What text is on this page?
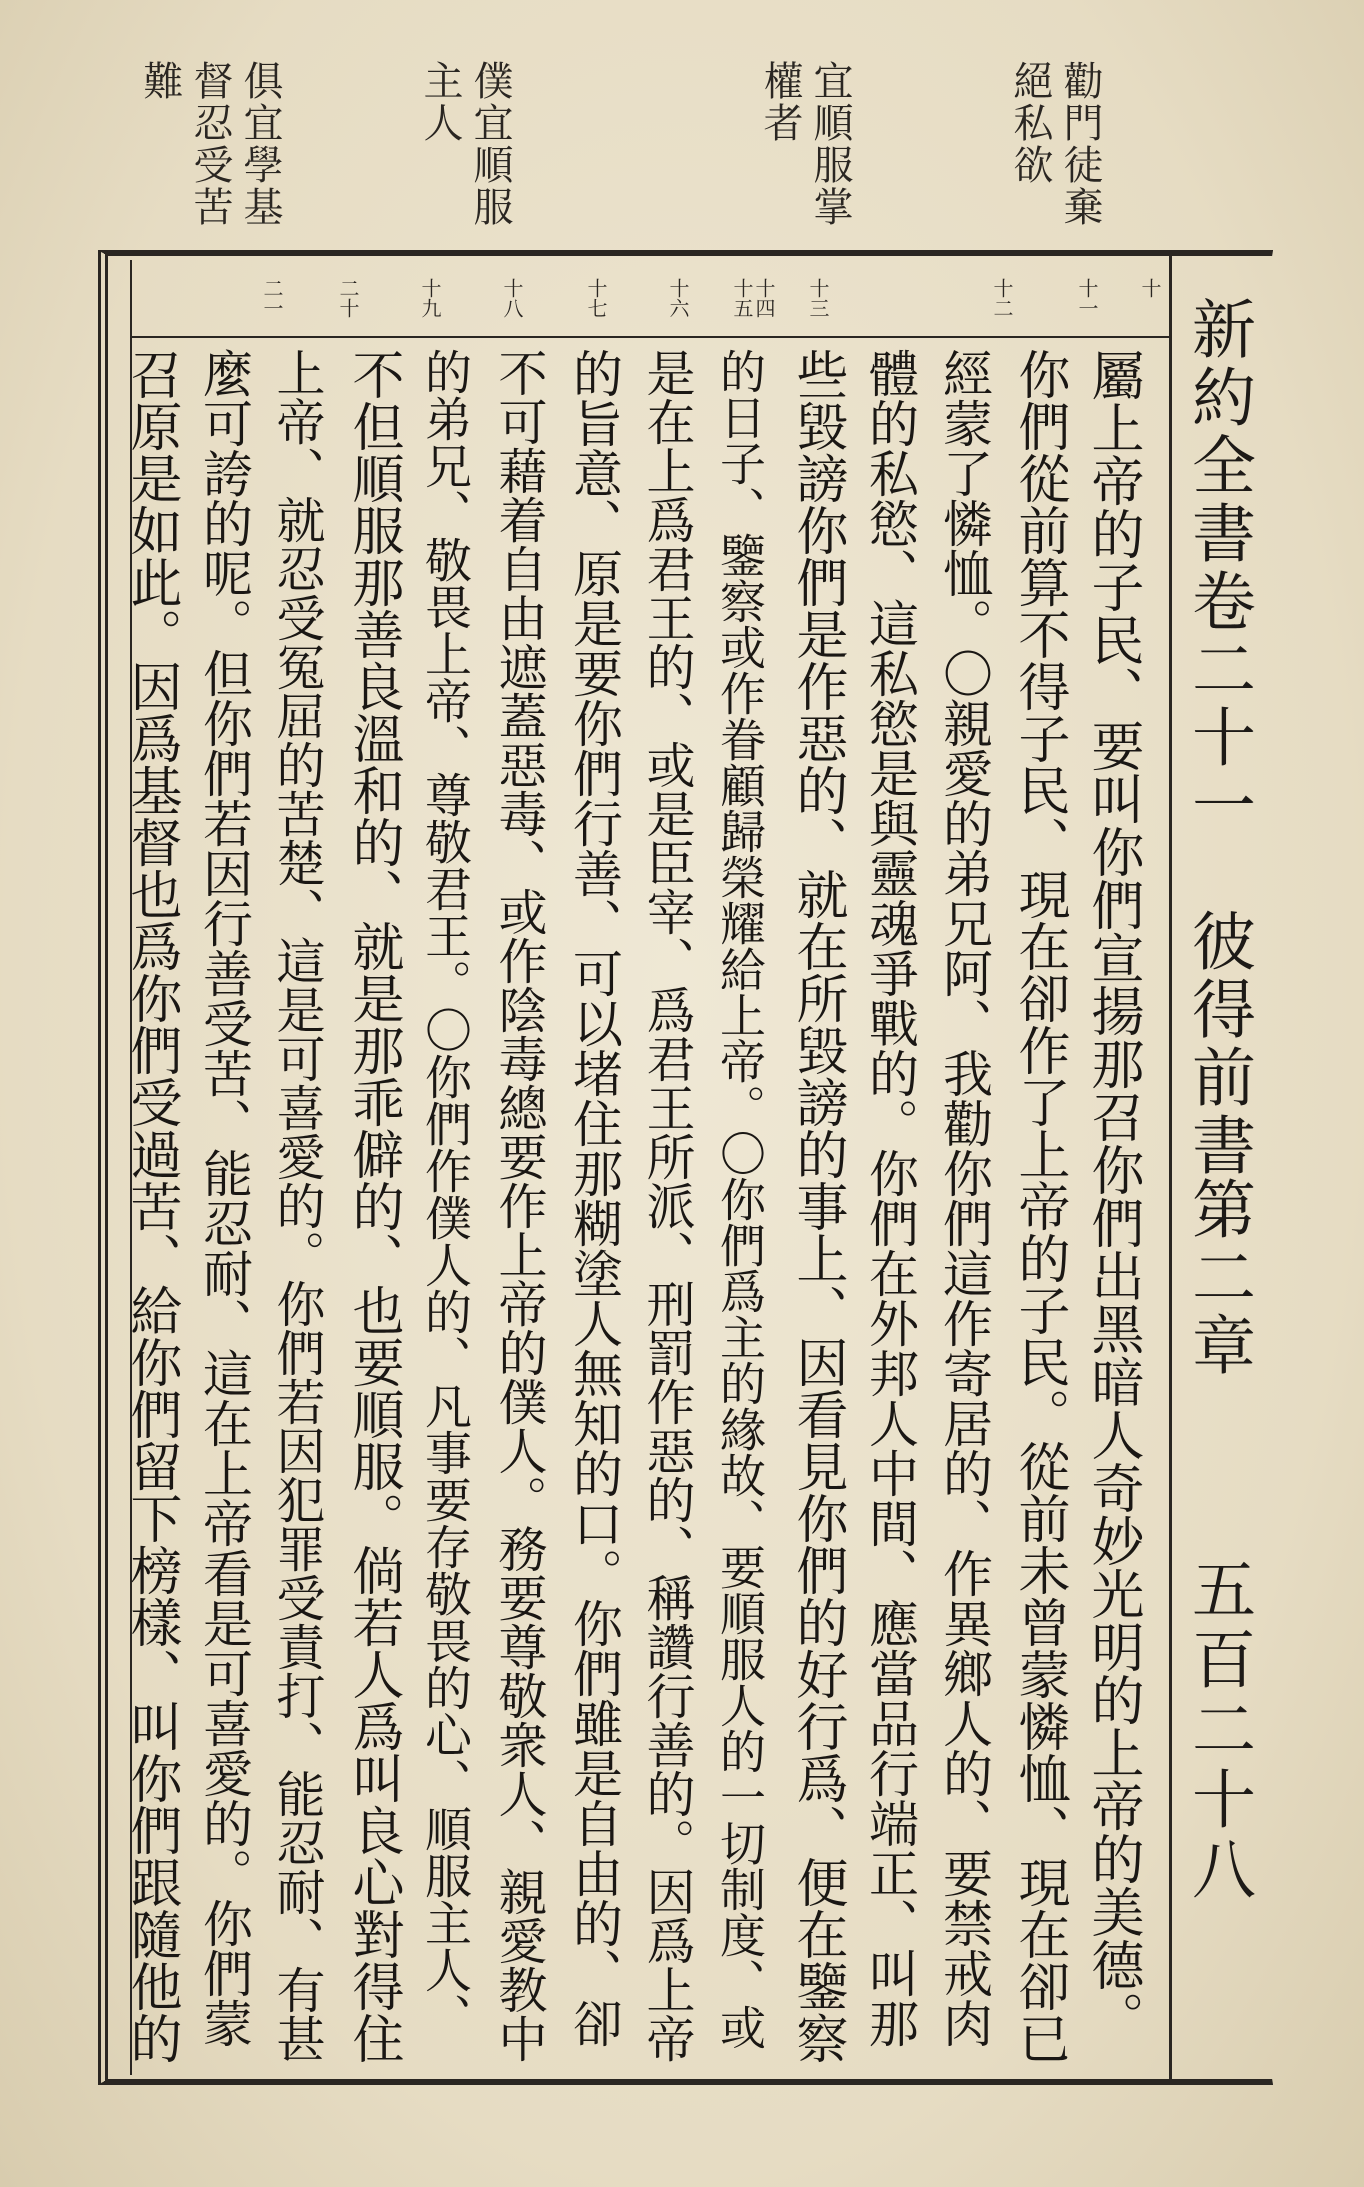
勸門徒棄
絕私欲
宜順服掌
權者
僕宜順服
主人
俱宜學基
督忍受苦
難
新約全書卷二十一　彼得前書
第二章
五百二十八
十
十一
十二
十三
十四
十五
十六
十七
十八
十九
二十
二一
屬上帝的子民、要叫你們宣揚那召你們出黑暗人奇妙光明的上帝的美德。
你們從前算不得子民、現在卻作了上帝的子民。從前未曾蒙憐恤、現在卻已
經蒙了憐恤。〇親愛的弟兄阿、我勸你們這作寄居的、作異鄉人的、要禁戒肉
體的私慾、這私慾是與靈魂爭戰的。你們在外邦人中間、應當品行端正、叫那
些毀謗你們是作惡的、就在所毀謗的事上、因看見你們的好行爲、便在鑒察
的日子、鑒察或作眷顧歸榮耀給上帝。〇你們爲主的緣故、要順服人的一切制度、或
是在上爲君王的、或是臣宰、爲君王所派、刑罰作惡的、稱讚行善的。因爲上帝
的旨意、原是要你們行善、可以堵住那糊塗人無知的口。你們雖是自由的、卻
不可藉着自由遮蓋惡毒、或作陰毒總要作上帝的僕人。務要尊敬衆人、親愛教中
的弟兄、敬畏上帝、尊敬君王。〇你們作僕人的、凡事要存敬畏的心、順服主人、
不但順服那善良溫和的、就是那乖僻的、也要順服。倘若人爲叫良心對得住
上帝、就忍受冤屈的苦楚、這是可喜愛的。你們若因犯罪受責打、能忍耐、有甚
麼可誇的呢。但你們若因行善受苦、能忍耐、這在上帝看是可喜愛的。你們蒙
召原是如此。因爲基督也爲你們受過苦、給你們留下榜樣、叫你們跟隨他的
